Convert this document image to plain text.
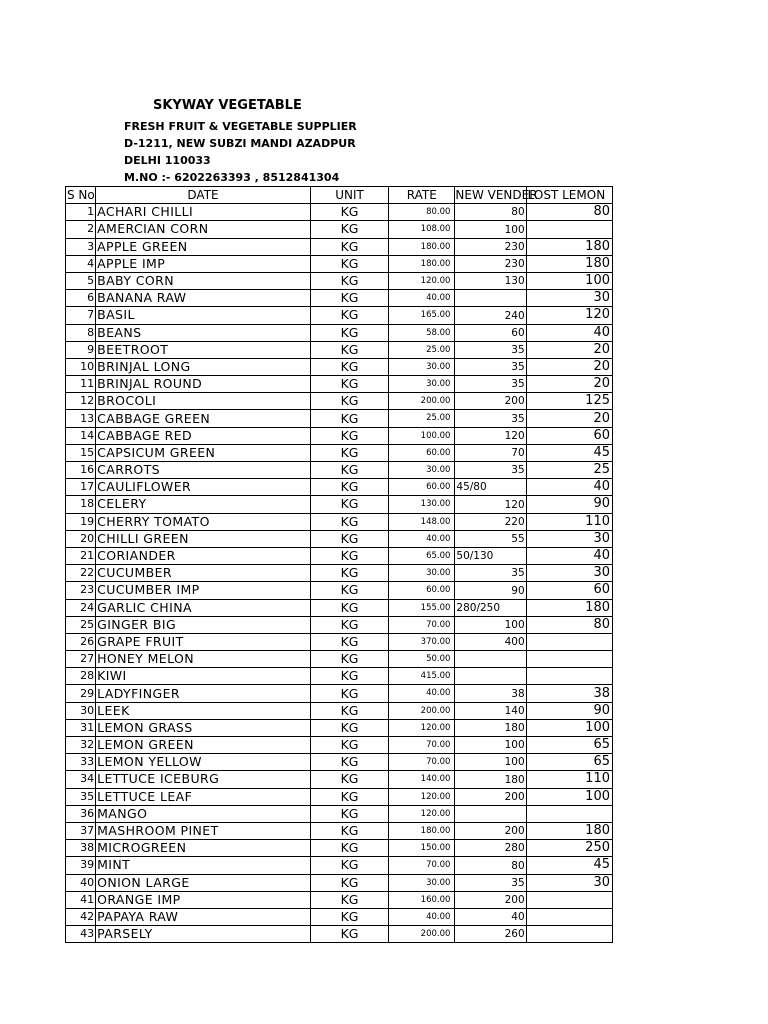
SKYWAY VEGETABLE
FRESH FRUIT & VEGETABLE SUPPLIER
D-1211, NEW SUBZI MANDI AZADPUR
DELHI 110033
M.NO :- 6202263393 , 8512841304
S No	DATE	UNIT	RATE	NEW VENDER	LOST LEMON
1	ACHARI CHILLI	KG	80.00	80	80
2	AMERCIAN CORN	KG	108.00	100	
3	APPLE GREEN	KG	180.00	230	180
4	APPLE IMP	KG	180.00	230	180
5	BABY CORN	KG	120.00	130	100
6	BANANA RAW	KG	40.00		30
7	BASIL	KG	165.00	240	120
8	BEANS	KG	58.00	60	40
9	BEETROOT	KG	25.00	35	20
10	BRINJAL LONG	KG	30.00	35	20
11	BRINJAL ROUND	KG	30.00	35	20
12	BROCOLI	KG	200.00	200	125
13	CABBAGE GREEN	KG	25.00	35	20
14	CABBAGE RED	KG	100.00	120	60
15	CAPSICUM GREEN	KG	60.00	70	45
16	CARROTS	KG	30.00	35	25
17	CAULIFLOWER	KG	60.00	45/80	40
18	CELERY	KG	130.00	120	90
19	CHERRY TOMATO	KG	148.00	220	110
20	CHILLI GREEN	KG	40.00	55	30
21	CORIANDER	KG	65.00	50/130	40
22	CUCUMBER	KG	30.00	35	30
23	CUCUMBER IMP	KG	60.00	90	60
24	GARLIC CHINA	KG	155.00	280/250	180
25	GINGER BIG	KG	70.00	100	80
26	GRAPE FRUIT	KG	370.00	400	
27	HONEY MELON	KG	50.00		
28	KIWI	KG	415.00		
29	LADYFINGER	KG	40.00	38	38
30	LEEK	KG	200.00	140	90
31	LEMON GRASS	KG	120.00	180	100
32	LEMON GREEN	KG	70.00	100	65
33	LEMON YELLOW	KG	70.00	100	65
34	LETTUCE ICEBURG	KG	140.00	180	110
35	LETTUCE LEAF	KG	120.00	200	100
36	MANGO	KG	120.00		
37	MASHROOM PINET	KG	180.00	200	180
38	MICROGREEN	KG	150.00	280	250
39	MINT	KG	70.00	80	45
40	ONION LARGE	KG	30.00	35	30
41	ORANGE IMP	KG	160.00	200	
42	PAPAYA RAW	KG	40.00	40	
43	PARSELY	KG	200.00	260	
